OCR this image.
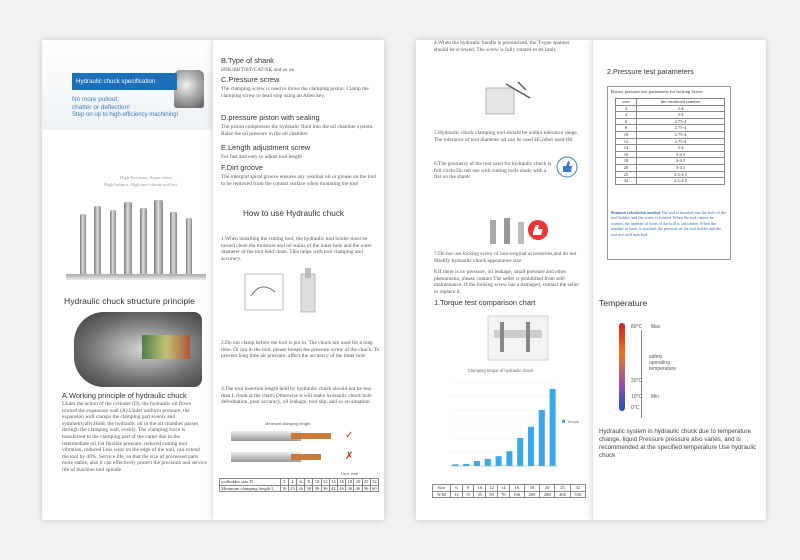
Hydraulic chuck specification
No more pullout,
chatter or deflection!
Step on up to high-efficiency machining!
High Precision, Super-silent,
High balance, High anti-vibration effect
Hydraulic chuck structure principle
A.Working principle of hydraulic chuck
Under the action of the cylinder (D), the hydraulic oil flows toward the expansion wall (A).Under uniform pressure, the expansion wall clamps the clamping part evenly and symmetrically.Hold, the hydraulic oil in the oil chamber passes through the clamping wall, evenly. The clamping force is transferred to the clamping part of the cutter due to the intermediate oil.Fat flexible pressure, reduced cutting tool vibration, reduced Less wear on the edge of the tool, can extend the tool by 40%. Service life, so that the size of processed parts more stable, also it can effectively protect the precision and service life of machine tool spindle
B.Type of shank
HSK/BBT/BT/CAT/SK and so on
C.Pressure screw
The clamping screw is used to move the clamping piston. Clamp the clamping screw to dead stop using an Allen key.
D.pressure piston with sealing
The piston compresses the hydraulic fluid into the oil chamber system. Raise the oil pressure in the oil chamber
E.Length adjustment screw
For fast and easy to adjust tool length
F.Dirt groove
The intergral spiral groove ensures any residual oil or grease on the tool to be removed from the contact surface when mounting the tool
How to use Hydraulic chuck
1.When installing the cutting tool, the hydraulic tool holder must be turned clean the moisture and oil stains of the inner hole and the outer diameter of the tool held clean. This helps with tool clamping and accuracy.
2.Do not clamp before the tool is put in. The chuck not used for a long time. Or not in the tool, please loosen the pressure screw of the chuck. To prevent long time air pressure, affect the accuracy of the inner hole
3.The tool insertion length held by hydraulic chuck should not be less than L (look at the chart) Otherwise it will make hydraulic chuck hole deformation, poor accuracy, oil leakage, tool slip, and so on situation
Minimum clamping length
✓
✗
Unit: mm
toolholder size D	3	4	6	8	10	12	14	16	18	20	25	32
Minimum clamping length L	18	23	26	30	30	36	42	46	46	46	56	60
4.When the hydraulic handle is pressurized, the T-type spanner should be screwed. The screw is fully rotated to its limit.
5.Hydraulic chuck clamping tool should be within tolerance range. The tolerance of tool diameter φ4 can be used H5,other used H6
6.The geometry of the tool used for hydraulic chuck is full circle.Do not use with cutting tools made with a flat on the shank
7.Do not use locking screw of non-original accessories,and do not Modify hydraulic chuck appearance size
8.If there is no pressure, oil leakage, small pressure and other phenomena, please contact The seller is prohibited from self-maintenance. If the locking screw has a damaged, contact the seller to replace it.
1.Torque test comparison chart
Clamping torque of hydraulic chuck
Torque
Size	6	8	10	12	14	16	18	20	25	32
N/M	12	15	35	50	70	106	200	280	400	550
2.Pressure test parameters
Rotary pressure test parameters for locking Screw
size	the rotational number
3	3-4
4	3-4
6	2.75-4
8	2.75-4
10	2.75-4
12	2.75-4
14	3-4
16	3-4.5
18	3-4.5
20	3-4.5
25	3.5-4.5
32	3.5-4.5
Rotation calculation method The tool is inserted into the hole of the tool holder, and the screw is rotated. When the tool cannot be rotated, the number of turns of the bolt is calculated. When the number of turns is reached, the pressure of the tool holder and the tool are well matched.
Temperature
80°C Max
safety
operating
temperature
20°C
10°C Min
0°C
Hydraulic system in hydraulic chuck due to temperature change, liquid Pressure pressure also varies, and is recommended at the specified temperature Use hydraulic chuck
